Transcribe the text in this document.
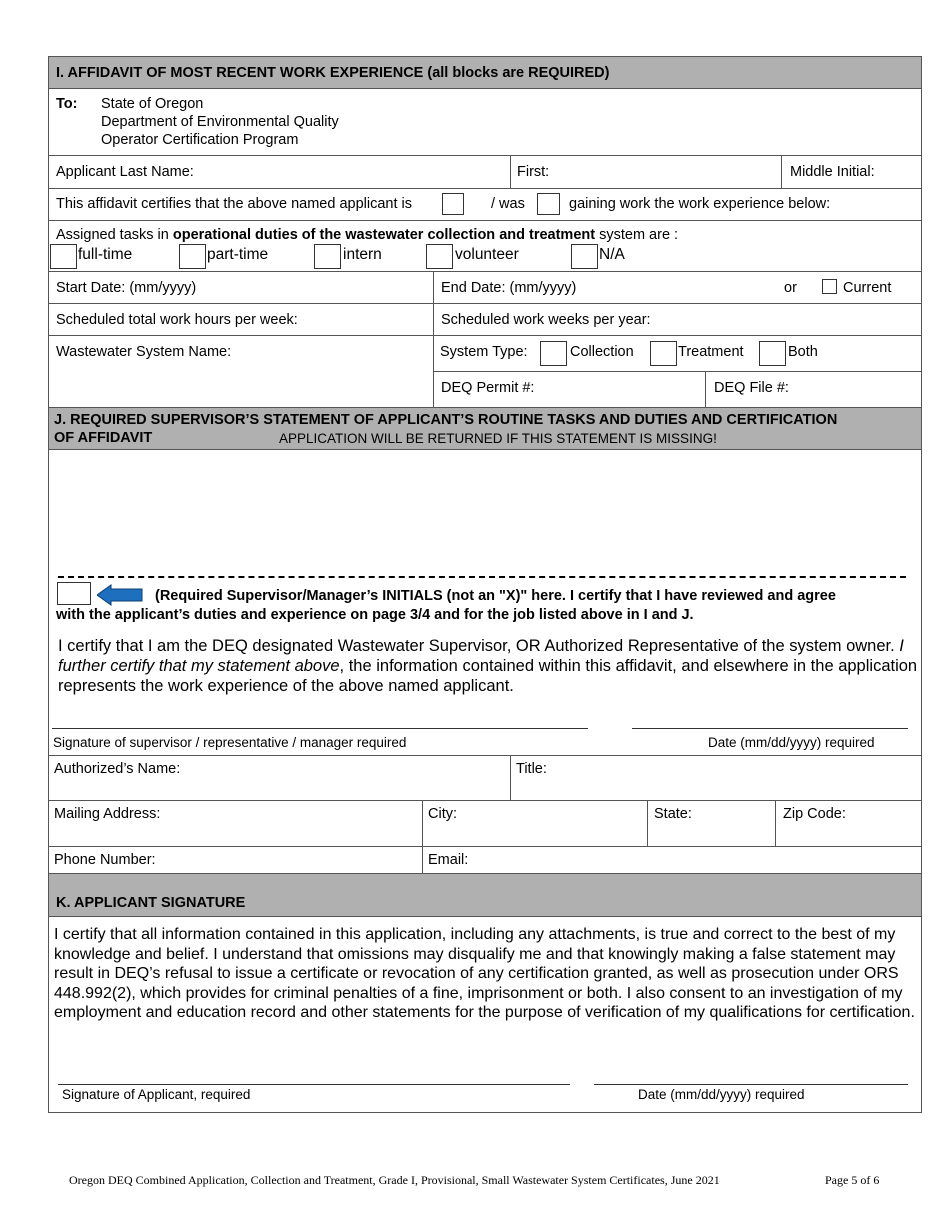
I. AFFIDAVIT OF MOST RECENT WORK EXPERIENCE (all blocks are REQUIRED)
To: State of Oregon
Department of Environmental Quality
Operator Certification Program
Applicant Last Name:	First:	Middle Initial:
This affidavit certifies that the above named applicant is	/ was	gaining work the work experience below:
Assigned tasks in operational duties of the wastewater collection and treatment system are :
full-time	part-time	intern	volunteer	N/A
Start Date: (mm/yyyy)	End Date: (mm/yyyy)	or	Current
Scheduled total work hours per week:	Scheduled work weeks per year:
Wastewater System Name:	System Type:	Collection	Treatment	Both
DEQ Permit #:	DEQ File #:
J. REQUIRED SUPERVISOR’S STATEMENT OF APPLICANT’S ROUTINE TASKS AND DUTIES AND CERTIFICATION
OF AFFIDAVIT	APPLICATION WILL BE RETURNED IF THIS STATEMENT IS MISSING!
(Required Supervisor/Manager’s INITIALS (not an "X)" here. I certify that I have reviewed and agree
with the applicant’s duties and experience on page 3/4 and for the job listed above in I and J.
I certify that I am the DEQ designated Wastewater Supervisor, OR Authorized Representative of the system owner. I further certify that my statement above, the information contained within this affidavit, and elsewhere in the application represents the work experience of the above named applicant.
Signature of supervisor / representative / manager required	Date (mm/dd/yyyy) required
Authorized’s Name:	Title:
Mailing Address:	City:	State:	Zip Code:
Phone Number:	Email:
K. APPLICANT SIGNATURE
I certify that all information contained in this application, including any attachments, is true and correct to the best of my knowledge and belief. I understand that omissions may disqualify me and that knowingly making a false statement may result in DEQ’s refusal to issue a certificate or revocation of any certification granted, as well as prosecution under ORS 448.992(2), which provides for criminal penalties of a fine, imprisonment or both. I also consent to an investigation of my employment and education record and other statements for the purpose of verification of my qualifications for certification.
Signature of Applicant, required	Date (mm/dd/yyyy) required
Oregon DEQ Combined Application, Collection and Treatment, Grade I, Provisional, Small Wastewater System Certificates, June 2021	Page 5 of 6
